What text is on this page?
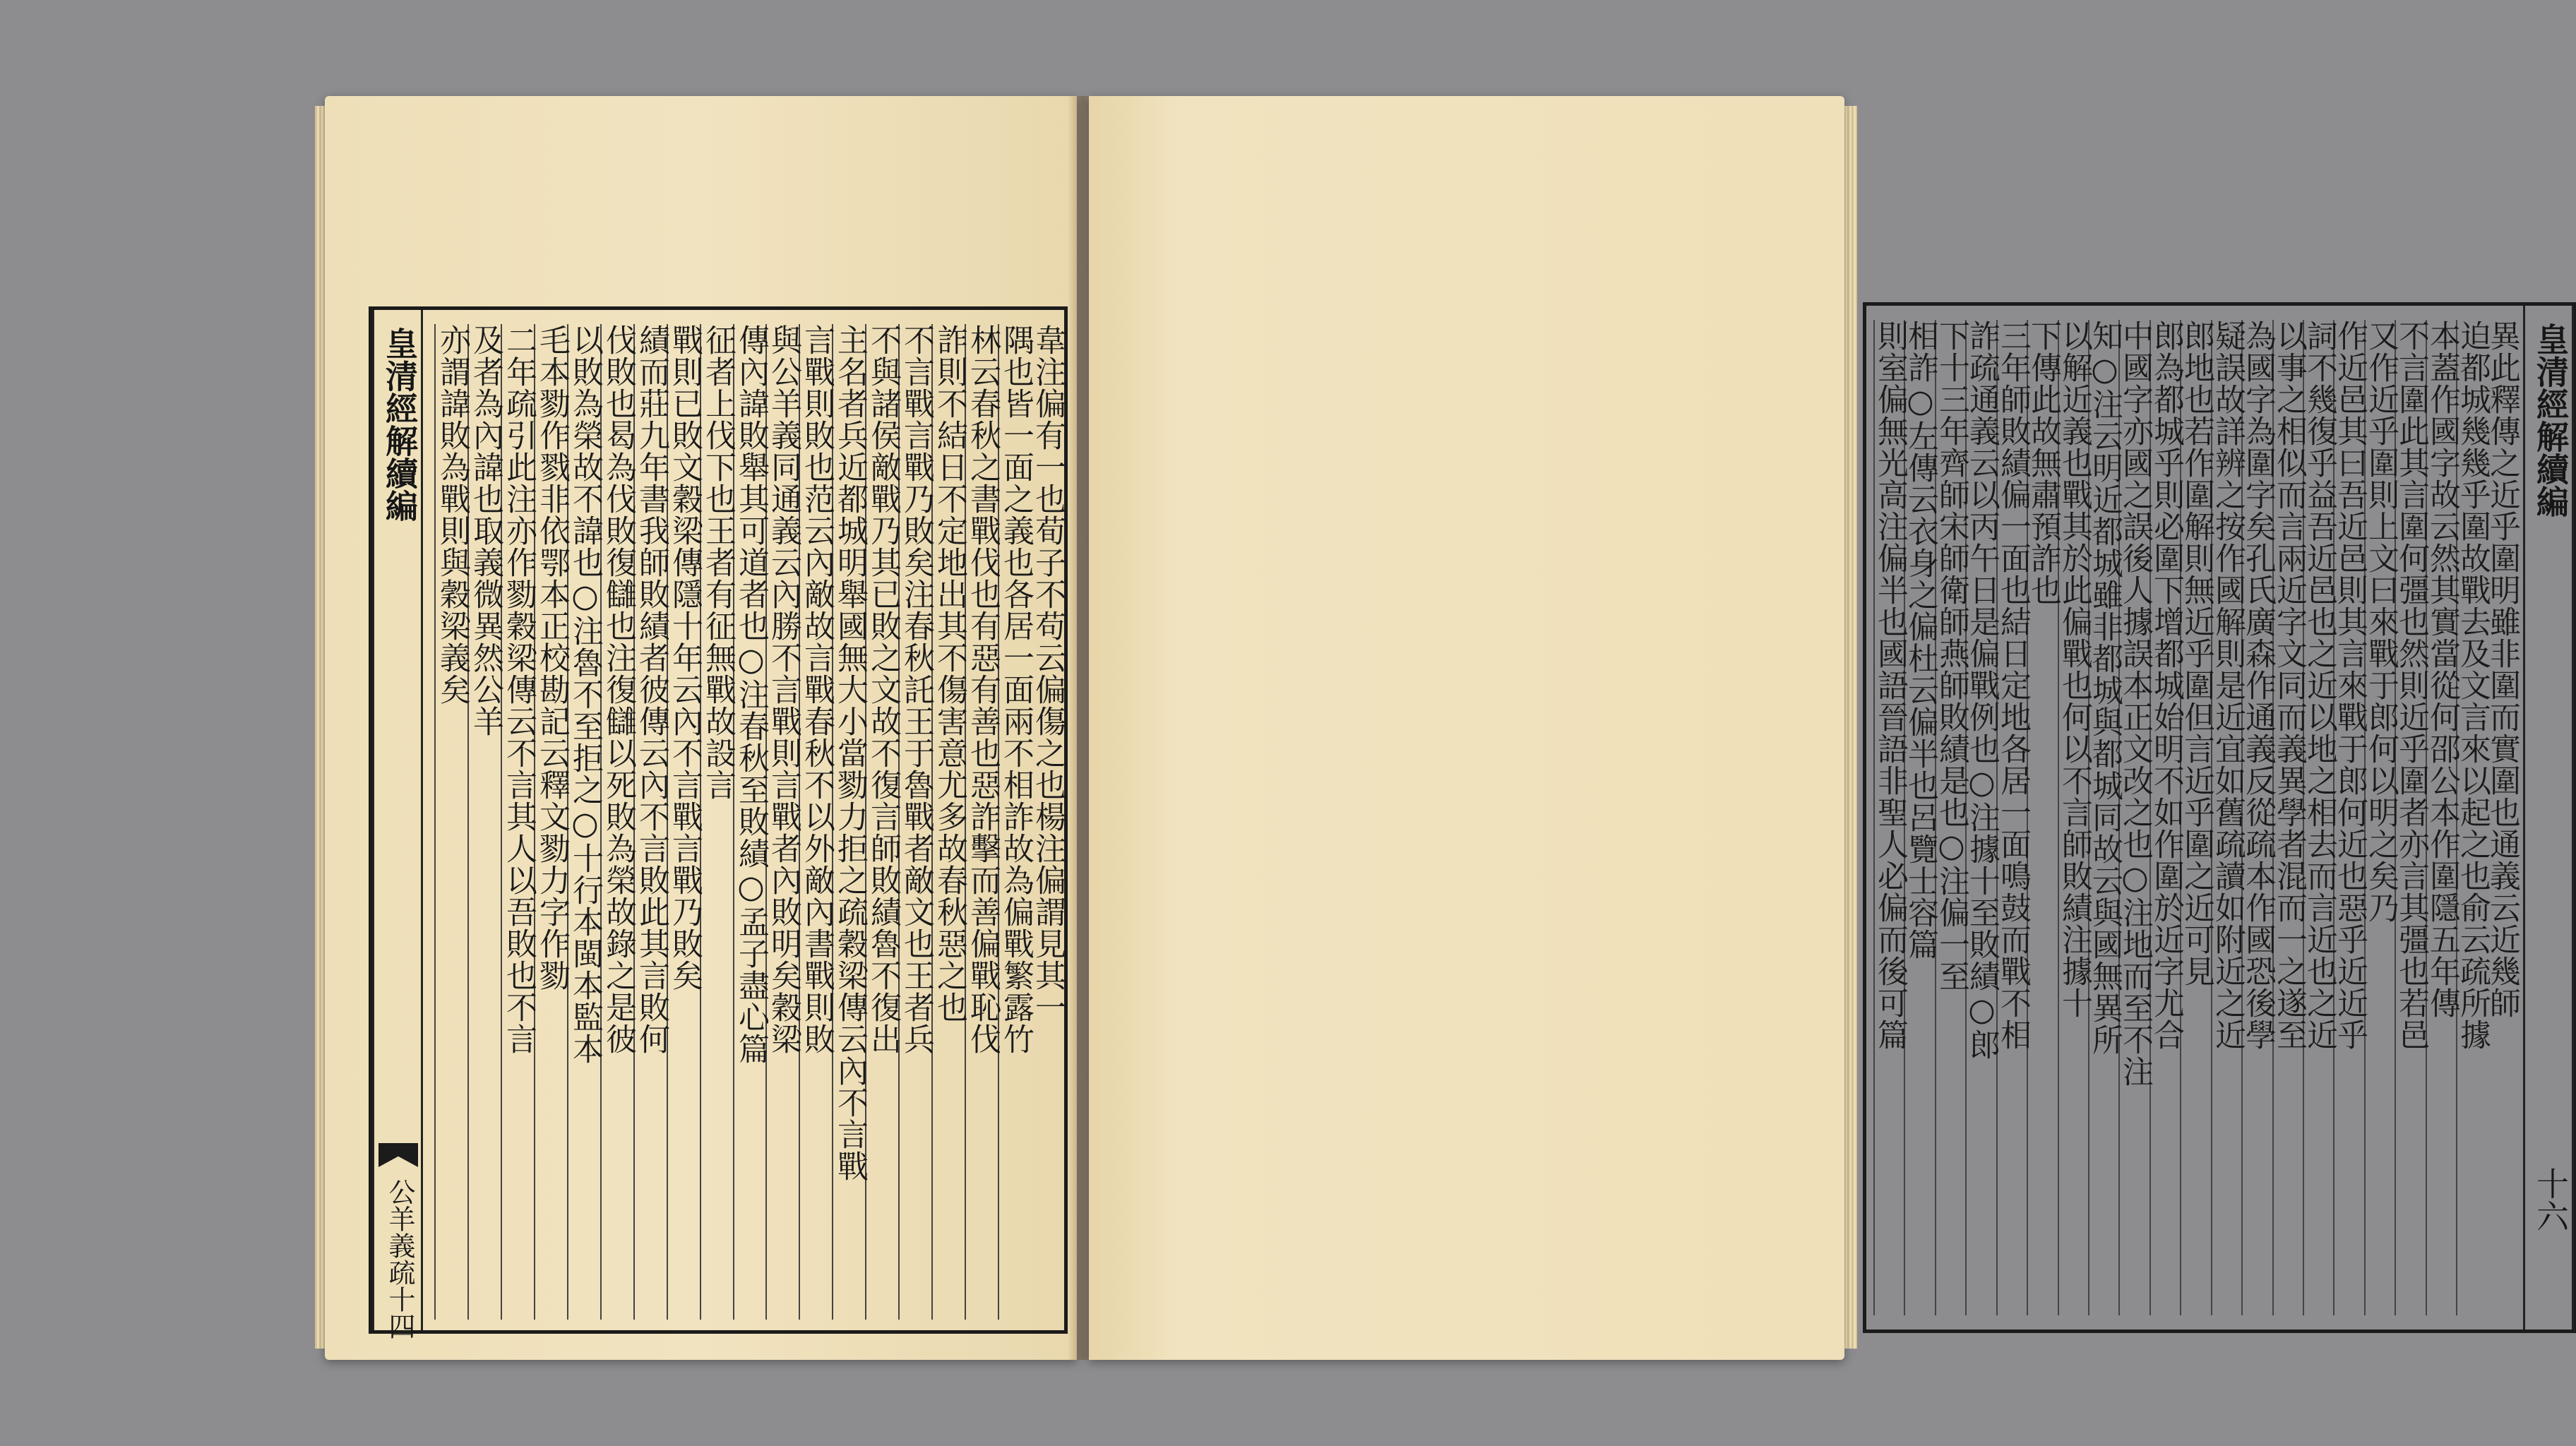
皇清經解續編
公羊義疏十四
韋注偏有一也荀子不苟云偏傷之也楊注偏謂見其一
隅也皆一面之義也各居一面兩不相詐故為偏戰繁露竹
林云春秋之書戰伐也有惡有善也惡詐擊而善偏戰恥伐
詐則不結日不定地出其不傷害意尤多故春秋惡之也
不言戰言戰乃敗矣注春秋託王于魯戰者敵文也王者兵
不與諸侯敵戰乃其已敗之文故不復言師敗績魯不復出
主名者兵近都城明舉國無大小當勠力拒之疏穀梁傳云內不言戰
言戰則敗也范云內敵故言戰春秋不以外敵內書戰則敗
與公羊義同通義云內勝不言戰則言戰者內敗明矣穀梁
傳內諱敗舉其可道者也○注春秋至敗績○孟子盡心篇
征者上伐下也王者有征無戰故設言
戰則已敗文穀梁傳隱十年云內不言戰言戰乃敗矣
績而莊九年書我師敗績者彼傳云內不言敗此其言敗何
伐敗也曷為伐敗復讎也注復讎以死敗為榮故錄之是彼
以敗為榮故不諱也○注魯不至拒之○十行本閩本監本
毛本勠作戮非依鄂本正校勘記云釋文勠力字作勠
二年疏引此注亦作勠穀梁傳云不言其人以吾敗也不言
及者為內諱也取義微異然公羊
亦謂諱敗為戰則與穀梁義矣	皇清經解續編
十六
異此釋傳之近乎圍明雖非圍而實圍也通義云近幾師
迫都城幾幾乎圍故戰去及文言來以起之也俞云疏所據
本蓋作國字故云然其實當從何邵公本作圍隱五年傳
不言圍此其言圍何彊也然則近乎圍者亦言其彊也若邑
又作近乎圍則上文曰來戰于郎何以明之矣乃
作近邑其曰吾近邑則其言來戰于郎何近也惡乎近近乎
詞不幾復乎益吾近邑也之近以地之相去而言近也之近
以事之相似而言兩近字文同而義異學者混而一之遂至
為國字為圍字矣孔氏廣森作通義反從疏本作國恐後學
疑誤故詳辨之按作國解則是近宜如舊疏讀如附近之近
郎地也若作圍解則無近乎圍但言近乎圍之近可見
郎為都城乎則必圍下增都城始明不如作圍於近字尤合
中國字亦國之誤後人據誤本正文改之也○注地而至不注
知○注云明近都城雖非都城與都城同故云與國無異所
以解近義也戰其於此偏戰也何以不言師敗績注據十
下傳此故無肅預詐也
三年師敗績偏一面也結日定地各居一面鳴鼓而戰不相
詐疏通義云以丙午日是偏戰例也○注據十至敗績○郎
下十三年齊師宋師衛師燕師敗績是也○注偏一至
相詐○左傳云衣身之偏杜云偏半也呂覽士容篇
則室偏無光高注偏半也國語晉語非聖人必偏而後可篇
